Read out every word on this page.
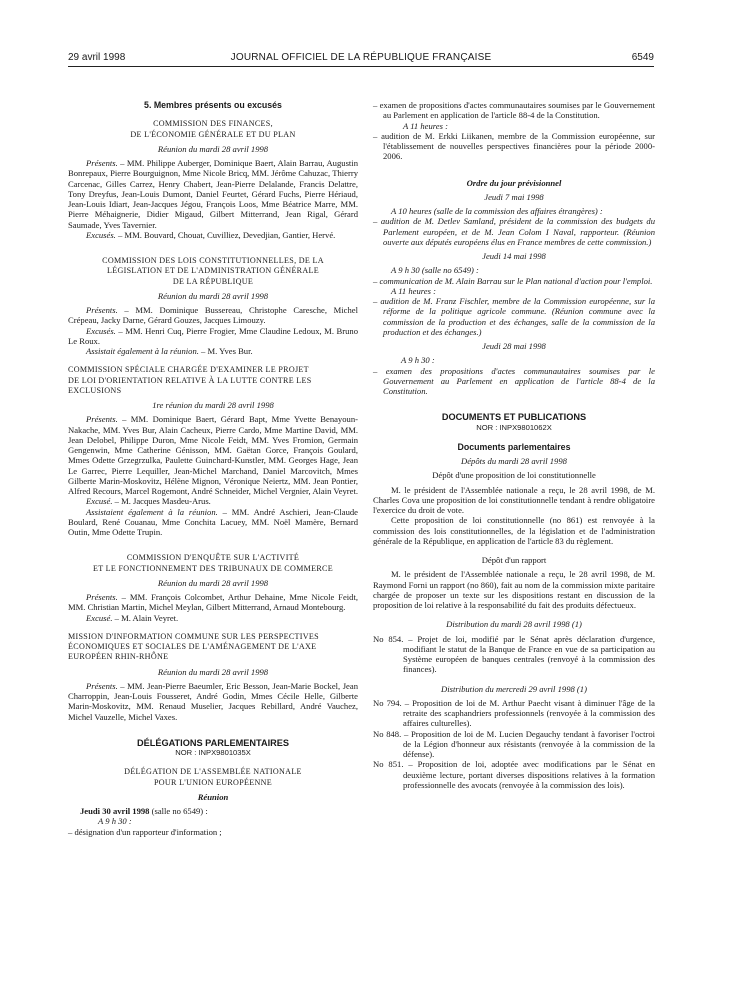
29 avril 1998	JOURNAL OFFICIEL DE LA RÉPUBLIQUE FRANÇAISE	6549

5. Membres présents ou excusés

COMMISSION DES FINANCES,

DE L'ÉCONOMIE GÉNÉRALE ET DU PLAN

Réunion du mardi 28 avril 1998

Présents. – MM. Philippe Auberger, Dominique Baert, Alain Barrau, Augustin Bonrepaux, Pierre Bourguignon, Mme Nicole Bricq, MM. Jérôme Cahuzac, Thierry Carcenac, Gilles Carrez, Henry Chabert, Jean-Pierre Delalande, Francis Delattre, Tony Dreyfus, Jean-Louis Dumont, Daniel Feurtet, Gérard Fuchs, Pierre Hériaud, Jean-Louis Idiart, Jean-Jacques Jégou, François Loos, Mme Béatrice Marre, MM. Pierre Méhaignerie, Didier Migaud, Gilbert Mitterrand, Jean Rigal, Gérard Saumade, Yves Tavernier.

Excusés. – MM. Bouvard, Chouat, Cuvilliez, Devedjian, Gantier, Hervé.

COMMISSION DES LOIS CONSTITUTIONNELLES, DE LA

LÉGISLATION ET DE L'ADMINISTRATION GÉNÉRALE

DE LA RÉPUBLIQUE

Réunion du mardi 28 avril 1998

Présents. – MM. Dominique Bussereau, Christophe Caresche, Michel Crépeau, Jacky Darne, Gérard Gouzes, Jacques Limouzy.

Excusés. – MM. Henri Cuq, Pierre Frogier, Mme Claudine Ledoux, M. Bruno Le Roux.

Assistait également à la réunion. – M. Yves Bur.

COMMISSION SPÉCIALE CHARGÉE D'EXAMINER LE PROJET

DE LOI D'ORIENTATION RELATIVE À LA LUTTE CONTRE LES

EXCLUSIONS

1re réunion du mardi 28 avril 1998

Présents. – MM. Dominique Baert, Gérard Bapt, Mme Yvette Benayoun-Nakache, MM. Yves Bur, Alain Cacheux, Pierre Cardo, Mme Martine David, MM. Jean Delobel, Philippe Duron, Mme Nicole Feidt, MM. Yves Fromion, Germain Gengenwin, Mme Catherine Génisson, MM. Gaëtan Gorce, François Goulard, Mmes Odette Grzegrzulka, Paulette Guinchard-Kunstler, MM. Georges Hage, Jean Le Garrec, Pierre Lequiller, Jean-Michel Marchand, Daniel Marcovitch, Mmes Gilberte Marin-Moskovitz, Hélène Mignon, Véronique Neiertz, MM. Jean Pontier, Alfred Recours, Marcel Rogemont, André Schneider, Michel Vergnier, Alain Veyret.

Excusé. – M. Jacques Masdeu-Arus.

Assistaient également à la réunion. – MM. André Aschieri, Jean-Claude Boulard, René Couanau, Mme Conchita Lacuey, MM. Noël Mamère, Bernard Outin, Mme Odette Trupin.

COMMISSION D'ENQUÊTE SUR L'ACTIVITÉ

ET LE FONCTIONNEMENT DES TRIBUNAUX DE COMMERCE

Réunion du mardi 28 avril 1998

Présents. – MM. François Colcombet, Arthur Dehaine, Mme Nicole Feidt, MM. Christian Martin, Michel Meylan, Gilbert Mitterrand, Arnaud Montebourg.

Excusé. – M. Alain Veyret.

MISSION D'INFORMATION COMMUNE SUR LES PERSPECTIVES

ÉCONOMIQUES ET SOCIALES DE L'AMÉNAGEMENT DE L'AXE

EUROPÉEN RHIN-RHÔNE

Réunion du mardi 28 avril 1998

Présents. – MM. Jean-Pierre Baeumler, Eric Besson, Jean-Marie Bockel, Jean Charroppin, Jean-Louis Fousseret, André Godin, Mmes Cécile Helle, Gilberte Marin-Moskovitz, MM. Renaud Muselier, Jacques Rebillard, André Vauchez, Michel Vauzelle, Michel Vaxes.

DÉLÉGATIONS PARLEMENTAIRES

NOR : INPX9801035X

DÉLÉGATION DE L'ASSEMBLÉE NATIONALE

POUR L'UNION EUROPÉENNE

Réunion

Jeudi 30 avril 1998 (salle no 6549) :

A 9 h 30 :

– désignation d'un rapporteur d'information ;

– examen de propositions d'actes communautaires soumises par le Gouvernement au Parlement en application de l'article 88-4 de la Constitution.

A 11 heures :

– audition de M. Erkki Liikanen, membre de la Commission européenne, sur l'établissement de nouvelles perspectives financières pour la période 2000-2006.

Ordre du jour prévisionnel

Jeudi 7 mai 1998

A 10 heures (salle de la commission des affaires étrangères) :

– audition de M. Detlev Samland, président de la commission des budgets du Parlement européen, et de M. Jean Colom I Naval, rapporteur. (Réunion ouverte aux députés européens élus en France membres de cette commission.)

Jeudi 14 mai 1998

A 9 h 30 (salle no 6549) :

– communication de M. Alain Barrau sur le Plan national d'action pour l'emploi.

A 11 heures :

– audition de M. Franz Fischler, membre de la Commission européenne, sur la réforme de la politique agricole commune. (Réunion commune avec la commission de la production et des échanges, salle de la commission de la production et des échanges.)

Jeudi 28 mai 1998

A 9 h 30 :

– examen des propositions d'actes communautaires soumises par le Gouvernement au Parlement en application de l'article 88-4 de la Constitution.

DOCUMENTS ET PUBLICATIONS

NOR : INPX9801062X

Documents parlementaires

Dépôts du mardi 28 avril 1998

Dépôt d'une proposition de loi constitutionnelle

M. le président de l'Assemblée nationale a reçu, le 28 avril 1998, de M. Charles Cova une proposition de loi constitutionnelle tendant à rendre obligatoire l'exercice du droit de vote.

Cette proposition de loi constitutionnelle (no 861) est renvoyée à la commission des lois constitutionnelles, de la législation et de l'administration générale de la République, en application de l'article 83 du règlement.

Dépôt d'un rapport

M. le président de l'Assemblée nationale a reçu, le 28 avril 1998, de M. Raymond Forni un rapport (no 860), fait au nom de la commission mixte paritaire chargée de proposer un texte sur les dispositions restant en discussion de la proposition de loi relative à la responsabilité du fait des produits défectueux.

Distribution du mardi 28 avril 1998 (1)

No 854. – Projet de loi, modifié par le Sénat après déclaration d'urgence, modifiant le statut de la Banque de France en vue de sa participation au Système européen de banques centrales (renvoyé à la commission des finances).

Distribution du mercredi 29 avril 1998 (1)

No 794. – Proposition de loi de M. Arthur Paecht visant à diminuer l'âge de la retraite des scaphandriers professionnels (renvoyée à la commission des affaires culturelles).

No 848. – Proposition de loi de M. Lucien Degauchy tendant à favoriser l'octroi de la Légion d'honneur aux résistants (renvoyée à la commission de la défense).

No 851. – Proposition de loi, adoptée avec modifications par le Sénat en deuxième lecture, portant diverses dispositions relatives à la formation professionnelle des avocats (renvoyée à la commission des lois).
